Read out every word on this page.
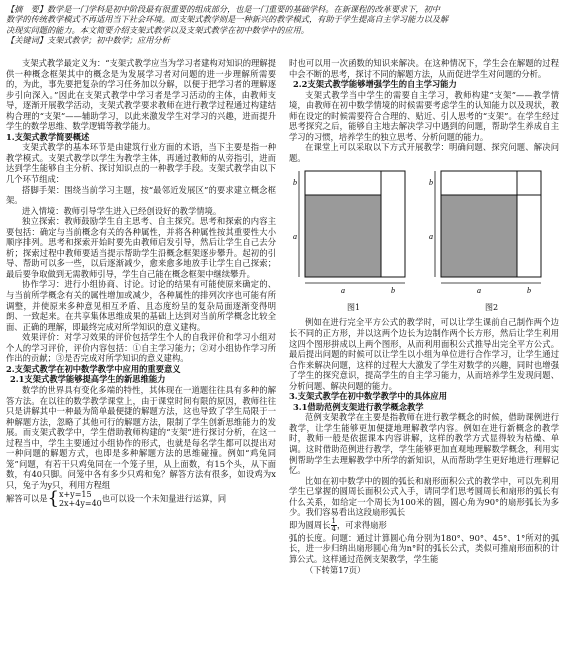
【摘　要】数学是一门学科是初中阶段最有很重要的组成部分，也是一门重要的基础学科。在新课程的改革要求下，初中

数学的传统教学模式不再适用当下社会环境。而支架式教学则是一种新兴的教学模式，有助于学生提高自主学习能力以及解

决现实问题的能力。本文简要介绍支架式教学以及支架式教学在初中数学中的应用。

【关键词】支架式教学；初中数学；应用分析

支架式教学最定义为：“支架式教学应当为学习者建构对知识的理解提供一种概念框架其中的概念是为发展学习者对问题的进一步理解所需要的，为此，事先要把复杂的学习任务加以分解，以便于把学习者的理解逐步引向深入。”因此在支架式教学中学习者是学习活动的主体，由教师支导，逐渐开展教学活动，支架式教学要求教师在进行教学过程通过构建结构合理的“支架”——辅助学习，以此来激发学生对学习的兴趣，进而提升学生的数学思维、数学逻辑等教学能力。

1.支架式教学简要概述

支架式教学的基本环节是由建筑行业方面的术语，当下主要是指一种教学模式。支架式教学以学生为教学主体，再通过教师的从旁指引，进而达到学生能够自主分析、探讨知识点的一种教学手段。支架式教学由以下几个环节组成：

搭脚手架：围绕当前学习主题，按“最邻近发展区”的要求建立概念框架。

进入情境：教师引导学生进入已经创设好的教学情境。

独立探索：教师鼓励学生自主思考、自主探究。思考和探索的内容主要包括：确定与当前概念有关的各种属性，并将各种属性按其重要性大小顺序排列。思考和探索开始时要先由教师启发引导，然后让学生自己去分析；探索过程中教师要适当提示帮助学生沿概念框架逐步攀升。起初的引导、帮助可以多一些，以后逐渐减少，愈来愈多地放手让学生自己探索；最后要争取做到无需教师引导，学生自己能在概念框架中继续攀升。

协作学习：进行小组协商、讨论。讨论的结果有可能使原来确定的、与当前所学概念有关的属性增加或减少，各种属性的排列次序也可能有所调整，并使原来多种意见相互矛盾、且态度纷呈的复杂局面逐渐变得明朗、一致起来。在共享集体思维成果的基础上达到对当前所学概念比较全面、正确的理解，即最终完成对所学知识的意义建构。

效果评价：对学习效果的评价包括学生个人的自我评价和学习小组对个人的学习评价，评价内容包括：①自主学习能力；②对小组协作学习所作出的贡献；③是否完成对所学知识的意义建构。

2.支架式教学在初中数学教学中应用的重要意义

2.1支架式教学能够提高学生的新思维能力

数学的世界具有变化多端的特性，其体现在一道题往往具有多种的解答方法。在以往的数学教学课堂上，由于课堂时间有限的原因，教师往往只是讲解其中一种最为简单最便捷的解题方法，这也导致了学生局限于一种解题方法，忽略了其他可行的解题方法，限制了学生创新思维能力的发展。而支架式教学中，学生借助教师构建的“支架”进行探讨分析，在这一过程当中，学生主要通过小组协作的形式，也就是每名学生都可以提出对一种问题的解题方式，也即是多种解题方法的思维碰撞。例如“鸡兔同笼”问题，有若干只鸡兔同在一个笼子里，从上面数，有15个头，从下面数，有40只脚。问笼中各有多少只鸡和兔？解答方法有很多，如设鸡为x只，兔子为y只，利用方程组

解答可以是{ x+y=15
2x+4y=40 也可以设一个未知量进行运算，同

时也可以用一次函数的知识来解决。在这种情况下，学生会在解题的过程中会不断的思考，探讨不同的解题方法，从而促进学生对问题的分析。

2.2支架式教学能够增强学生的自主学习能力

支架式教学当中学生的需要自主学习，教师构建“支架”——教学情境，由教师在初中数学情境的时候需要考虑学生的认知能力以及现状，教师在设定的时候需要符合合理的、贴近、引人思考的“支架”。在学生经过思考探究之后，能够自主地去解决学习中遇到的问题，帮助学生养成自主学习的习惯，培养学生的独立思考、分析问题的能力。

在课堂上可以采取以下方式开展教学：明确问题、探究问题、解决问题。

b
a
a	b
b
a
a	b
图1	图2

例如在进行完全平方公式的教学时，可以让学生课前自己制作两个边长不同的正方形，并以这两个边长为边制作两个长方形，然后让学生利用这四个图形拼成以上两个图形，从而利用面积公式推导出完全平方公式。最后提出问题的时候可以让学生以小组为单位进行合作学习，让学生通过合作来解决问题，这样的过程大大激发了学生对数学的兴趣，同时也增强了学生的探究意识，提高学生的自主学习能力，从而培养学生发现问题、分析问题、解决问题的能力。

3.支架式教学在初中数学教学中的具体应用

3.1借助范例支架进行教学概念教学

范例支架教学在主要是指教师在进行教学概念的时候，借助课例进行教学，让学生能够更加便捷地理解教学内容。例如在进行新概念的教学时，教师一般是依据课本内容讲解，这样的教学方式显得较为枯燥、单调。这时借助范例进行教学，学生能够更加直观地理解数学概念，利用实例帮助学生去理解教学中所学的新知识，从而帮助学生更好地进行理解记忆。

比如在初中数学中的圆的弧长和扇形面积公式的教学中，可以先利用学生已掌握的圆周长面积公式入手，请同学们思考圆周长和扇形的弧长有什么关系，如给定一个周长为100米的圆，圆心角为90°的扇形弧长为多少。我们容易看出这段扇形弧长

即为圆周长 $\frac{1}{4}$ ，可求得扇形

弧的长度。问题：通过计算圆心角分别为180°、90°、45°、1°所对的弧长，进一步归纳出扇形圆心角为n°时的弧长公式，类似可推扇形面积的计算公式。这样通过范例支架教学，学生能

（下转第17页）
